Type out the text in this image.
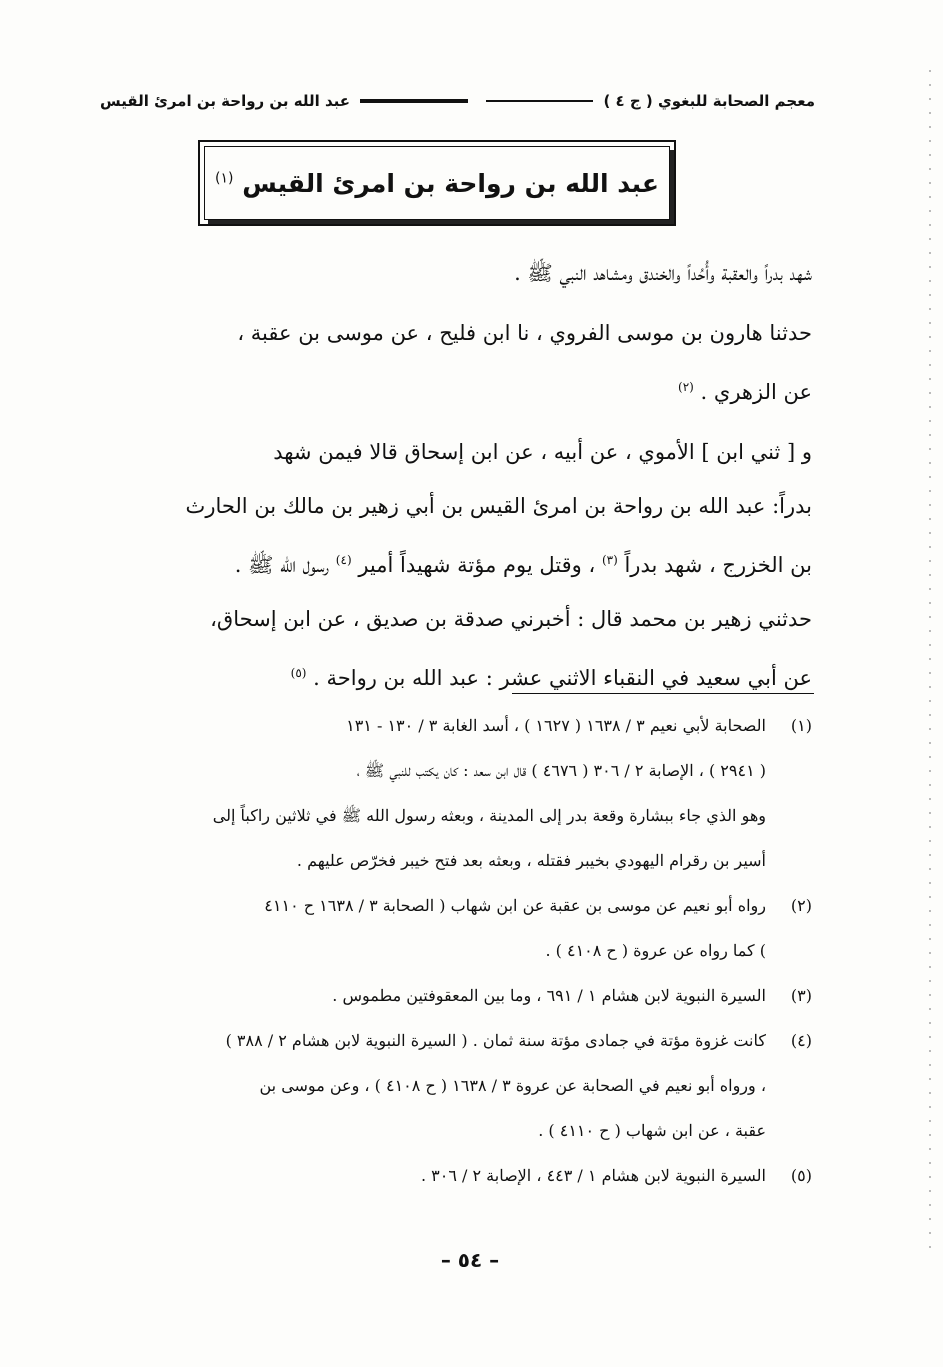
معجم الصحابة للبغوي ( ج ٤ )
عبد الله بن رواحة بن امرئ القيس
عبد الله بن رواحة بن امرئ القيس $^{(١)}$

شهد بدراً والعقبة وأُحُداً والخندق ومشاهد النبي ﷺ .

حدثنا هارون بن موسى الفروي ، نا ابن فليح ، عن موسى بن عقبة ،

عن الزهري . $^{(٢)}$

و [ ثني ابن ] الأموي ، عن أبيه ، عن ابن إسحاق قالا فيمن شهد

بدراً: عبد الله بن رواحة بن امرئ القيس بن أبي زهير بن مالك بن الحارث

بن الخزرج ، شهد بدراً $^{(٣)}$ ، وقتل يوم مؤتة شهيداً أمير $^{(٤)}$ رسول الله ﷺ .

حدثني زهير بن محمد قال : أخبرني صدقة بن صديق ، عن ابن إسحاق،

عن أبي سعيد في النقباء الاثني عشر : عبد الله بن رواحة . $^{(٥)}$

(١)
الصحابة لأبي نعيم ٣ / ١٦٣٨ ( ١٦٢٧ ) ، أسد الغابة ٣ / ١٣٠ - ١٣١
( ٢٩٤١ ) ، الإصابة ٢ / ٣٠٦ ( ٤٦٧٦ ) قال ابن سعد : كان يكتب للنبي ﷺ ،
وهو الذي جاء ببشارة وقعة بدر إلى المدينة ، وبعثه رسول الله ﷺ في ثلاثين راكباً إلى
أسير بن رقرام اليهودي بخيبر فقتله ، وبعثه بعد فتح خيبر فخرّص عليهم .
(٢)
رواه أبو نعيم عن موسى بن عقبة عن ابن شهاب ( الصحابة ٣ / ١٦٣٨ ح ٤١١٠
) كما رواه عن عروة ( ح ٤١٠٨ ) .
(٣)
السيرة النبوية لابن هشام ١ / ٦٩١ ، وما بين المعقوفتين مطموس .
(٤)
كانت غزوة مؤتة في جمادى مؤتة سنة ثمان . ( السيرة النبوية لابن هشام ٢ / ٣٨٨ )
، ورواه أبو نعيم في الصحابة عن عروة ٣ / ١٦٣٨ ( ح ٤١٠٨ ) ، وعن موسى بن
عقبة ، عن ابن شهاب ( ح ٤١١٠ ) .
(٥)
السيرة النبوية لابن هشام ١ / ٤٤٣ ، الإصابة ٢ / ٣٠٦ .
– ٥٤ –
